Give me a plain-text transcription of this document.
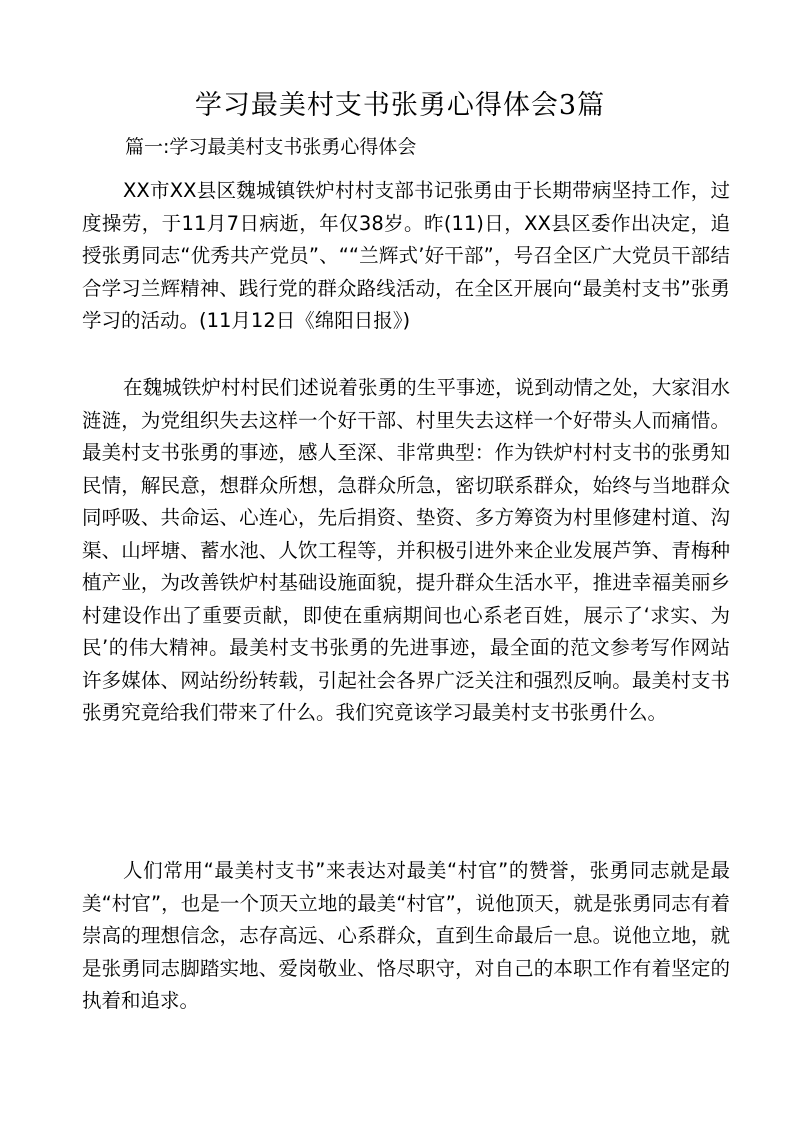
学习最美村支书张勇心得体会3篇
篇一:学习最美村支书张勇心得体会
XX市XX县区魏城镇铁炉村村支部书记张勇由于长期带病坚持工作，过度操劳，于11月7日病逝，年仅38岁。昨(11)日，XX县区委作出决定，追授张勇同志“优秀共产党员”、““兰辉式’好干部”，号召全区广大党员干部结合学习兰辉精神、践行党的群众路线活动，在全区开展向“最美村支书”张勇学习的活动。(11月12日《绵阳日报》)
在魏城铁炉村村民们述说着张勇的生平事迹，说到动情之处，大家泪水涟涟，为党组织失去这样一个好干部、村里失去这样一个好带头人而痛惜。最美村支书张勇的事迹，感人至深、非常典型：作为铁炉村村支书的张勇知民情，解民意，想群众所想，急群众所急，密切联系群众，始终与当地群众同呼吸、共命运、心连心，先后捐资、垫资、多方筹资为村里修建村道、沟渠、山坪塘、蓄水池、人饮工程等，并积极引进外来企业发展芦笋、青梅种植产业，为改善铁炉村基础设施面貌，提升群众生活水平，推进幸福美丽乡村建设作出了重要贡献，即使在重病期间也心系老百姓，展示了‘求实、为民’的伟大精神。最美村支书张勇的先进事迹，最全面的范文参考写作网站许多媒体、网站纷纷转载，引起社会各界广泛关注和强烈反响。最美村支书张勇究竟给我们带来了什么。我们究竟该学习最美村支书张勇什么。
人们常用“最美村支书”来表达对最美“村官”的赞誉，张勇同志就是最美“村官”，也是一个顶天立地的最美“村官”，说他顶天，就是张勇同志有着崇高的理想信念，志存高远、心系群众，直到生命最后一息。说他立地，就是张勇同志脚踏实地、爱岗敬业、恪尽职守，对自己的本职工作有着坚定的执着和追求。
